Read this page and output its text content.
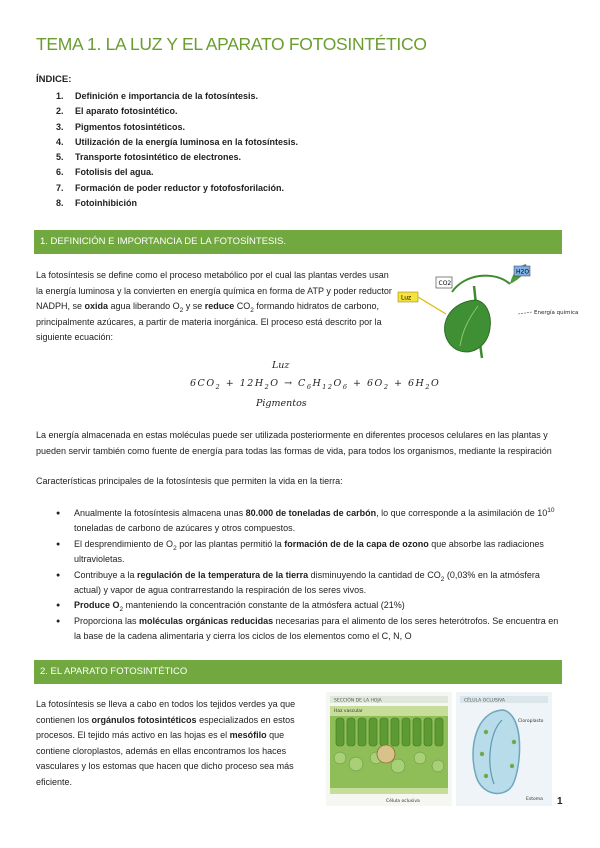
TEMA 1. LA LUZ Y EL APARATO FOTOSINTÉTICO
ÍNDICE:
1. Definición e importancia de la fotosíntesis.
2. El aparato fotosintético.
3. Pigmentos fotosintéticos.
4. Utilización de la energía luminosa en la fotosíntesis.
5. Transporte fotosintético de electrones.
6. Fotolisis del agua.
7. Formación de poder reductor y fotofosforilación.
8. Fotoinhibición
1. DEFINICIÓN E IMPORTANCIA DE LA FOTOSÍNTESIS.

La fotosíntesis se define como el proceso metabólico por el cual las plantas verdes usan la energía luminosa y la convierten en energía química en forma de ATP y poder reductor NADPH, se oxida agua liberando $O_2$ y se reduce $CO_2$ formando hidratos de carbono, principalmente azúcares, a partir de materia inorgánica. El proceso está descrito por la siguiente ecuación:

CO2
H2O
Luz
Energía química
Luz
$6CO_2 + 12H_2O \to C_6H_{12}O_6 + 6O_2 + 6H_2O$
Pigmentos

La energía almacenada en estas moléculas puede ser utilizada posteriormente en diferentes procesos celulares en las plantas y pueden servir también como fuente de energía para todas las formas de vida, para todos los organismos, mediante la respiración

Características principales de la fotosíntesis que permiten la vida en la tierra:

● Anualmente la fotosíntesis almacena unas 80.000 de toneladas de carbón, lo que corresponde a la asimilación de $10^{10}$ toneladas de carbono de azúcares y otros compuestos.
● El desprendimiento de $O_2$ por las plantas permitió la formación de de la capa de ozono que absorbe las radiaciones ultravioletas.
● Contribuye a la regulación de la temperatura de la tierra disminuyendo la cantidad de $CO_2$ (0,03% en la atmósfera actual) y vapor de agua contrarrestando la respiración de los seres vivos.
● Produce $O_2$ manteniendo la concentración constante de la atmósfera actual (21%)
● Proporciona las moléculas orgánicas reducidas necesarias para el alimento de los seres heterótrofos. Se encuentra en la base de la cadena alimentaria y cierra los ciclos de los elementos como el C, N, O
2. EL APARATO FOTOSINTÉTICO

La fotosíntesis se lleva a cabo en todos los tejidos verdes ya que contienen los orgánulos fotosintéticos especializados en estos procesos. El tejido más activo en las hojas es el mesófilo que contiene cloroplastos, además en ellas encontramos los haces vasculares y los estomas que hacen que dicho proceso sea más eficiente.

SECCIÓN DE LA HOJA
Haz vascular
Célula oclusiva
CÉLULA OCLUSIVA
Cloroplasto
Estoma 1
